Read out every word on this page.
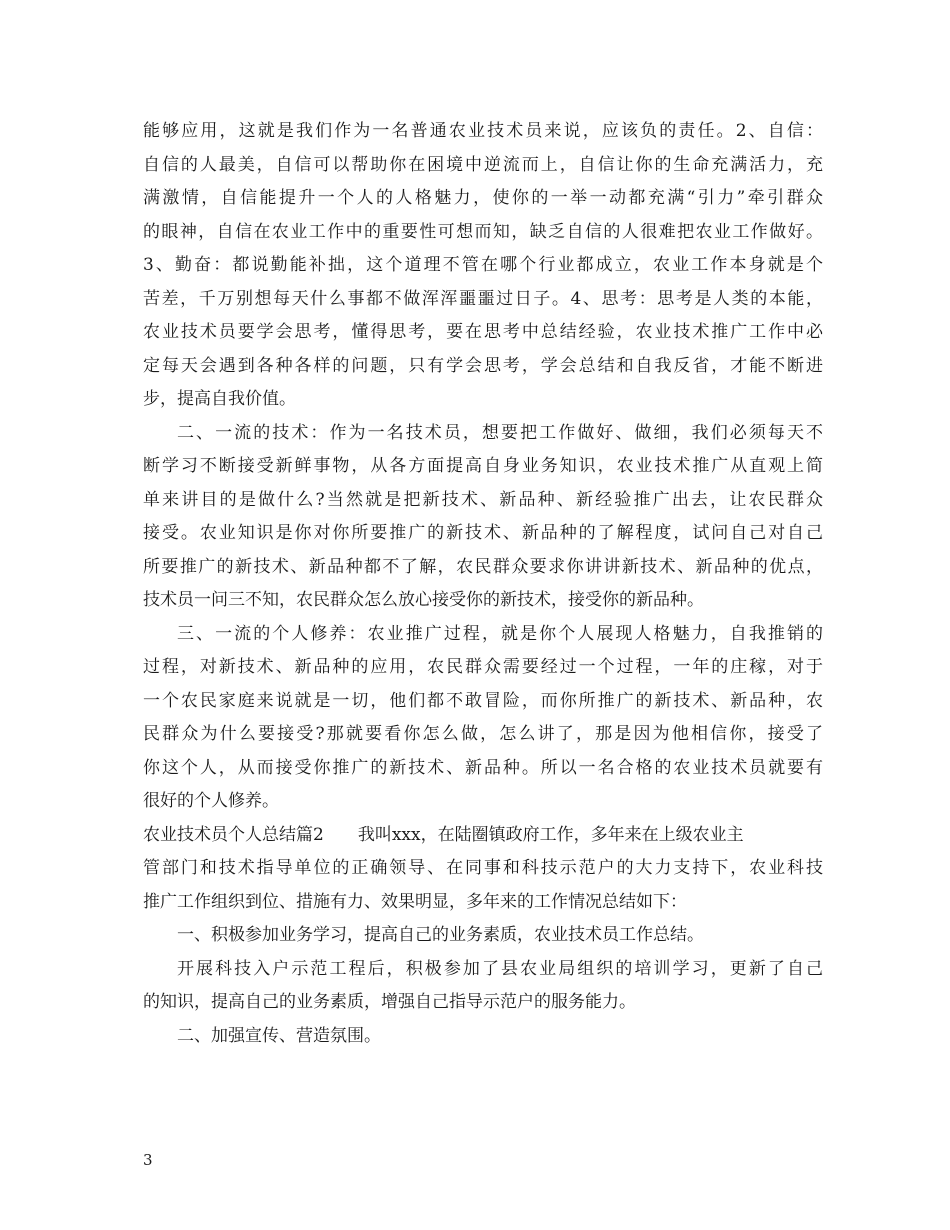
能够应用，这就是我们作为一名普通农业技术员来说，应该负的责任。2、自信：
自信的人最美，自信可以帮助你在困境中逆流而上，自信让你的生命充满活力，充
满激情，自信能提升一个人的人格魅力，使你的一举一动都充满“引力”牵引群众
的眼神，自信在农业工作中的重要性可想而知，缺乏自信的人很难把农业工作做好。
3、勤奋：都说勤能补拙，这个道理不管在哪个行业都成立，农业工作本身就是个
苦差，千万别想每天什么事都不做浑浑噩噩过日子。4、思考：思考是人类的本能，
农业技术员要学会思考，懂得思考，要在思考中总结经验，农业技术推广工作中必
定每天会遇到各种各样的问题，只有学会思考，学会总结和自我反省，才能不断进
步，提高自我价值。
二、一流的技术：作为一名技术员，想要把工作做好、做细，我们必须每天不
断学习不断接受新鲜事物，从各方面提高自身业务知识，农业技术推广从直观上简
单来讲目的是做什么?当然就是把新技术、新品种、新经验推广出去，让农民群众
接受。农业知识是你对你所要推广的新技术、新品种的了解程度，试问自己对自己
所要推广的新技术、新品种都不了解，农民群众要求你讲讲新技术、新品种的优点，
技术员一问三不知，农民群众怎么放心接受你的新技术，接受你的新品种。
三、一流的个人修养：农业推广过程，就是你个人展现人格魅力，自我推销的
过程，对新技术、新品种的应用，农民群众需要经过一个过程，一年的庄稼，对于
一个农民家庭来说就是一切，他们都不敢冒险，而你所推广的新技术、新品种，农
民群众为什么要接受?那就要看你怎么做，怎么讲了，那是因为他相信你，接受了
你这个人，从而接受你推广的新技术、新品种。所以一名合格的农业技术员就要有
很好的个人修养。
农业技术员个人总结篇2 我叫xxx，在陆圈镇政府工作，多年来在上级农业主
管部门和技术指导单位的正确领导、在同事和科技示范户的大力支持下，农业科技
推广工作组织到位、措施有力、效果明显，多年来的工作情况总结如下：
一、积极参加业务学习，提高自己的业务素质，农业技术员工作总结。
开展科技入户示范工程后，积极参加了县农业局组织的培训学习，更新了自己
的知识，提高自己的业务素质，增强自己指导示范户的服务能力。
二、加强宣传、营造氛围。
3
